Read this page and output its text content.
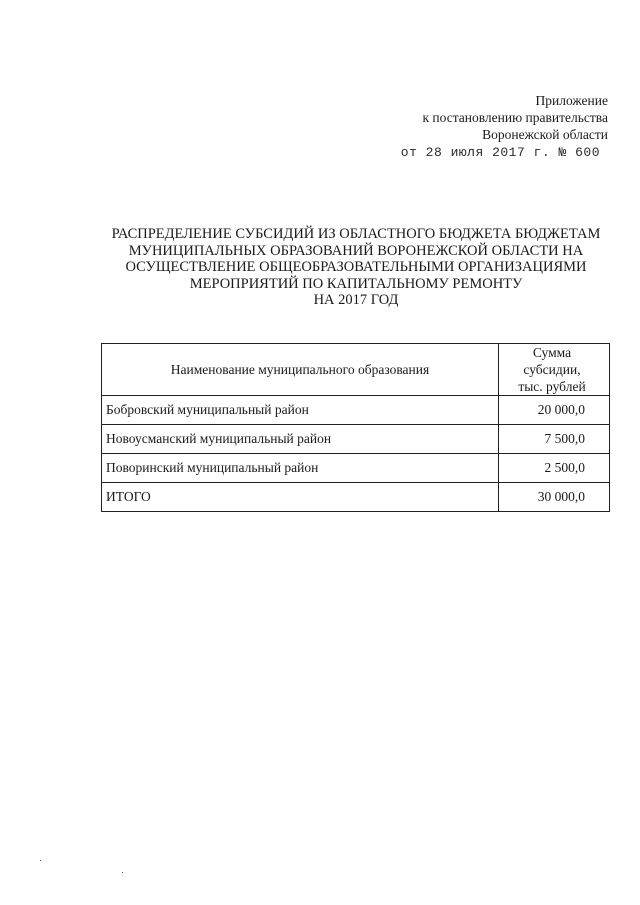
Приложение
к постановлению правительства
Воронежской области
от 28 июля 2017 г. № 600
РАСПРЕДЕЛЕНИЕ СУБСИДИЙ ИЗ ОБЛАСТНОГО БЮДЖЕТА БЮДЖЕТАМ
МУНИЦИПАЛЬНЫХ ОБРАЗОВАНИЙ ВОРОНЕЖСКОЙ ОБЛАСТИ НА
ОСУЩЕСТВЛЕНИЕ ОБЩЕОБРАЗОВАТЕЛЬНЫМИ ОРГАНИЗАЦИЯМИ
МЕРОПРИЯТИЙ ПО КАПИТАЛЬНОМУ РЕМОНТУ
НА 2017 ГОД
Наименование муниципального образования	Сумма субсидии,
тыс. рублей

Бобровский муниципальный район	20 000,0
Новоусманский муниципальный район	7 500,0
Поворинский муниципальный район	2 500,0
ИТОГО	30 000,0
